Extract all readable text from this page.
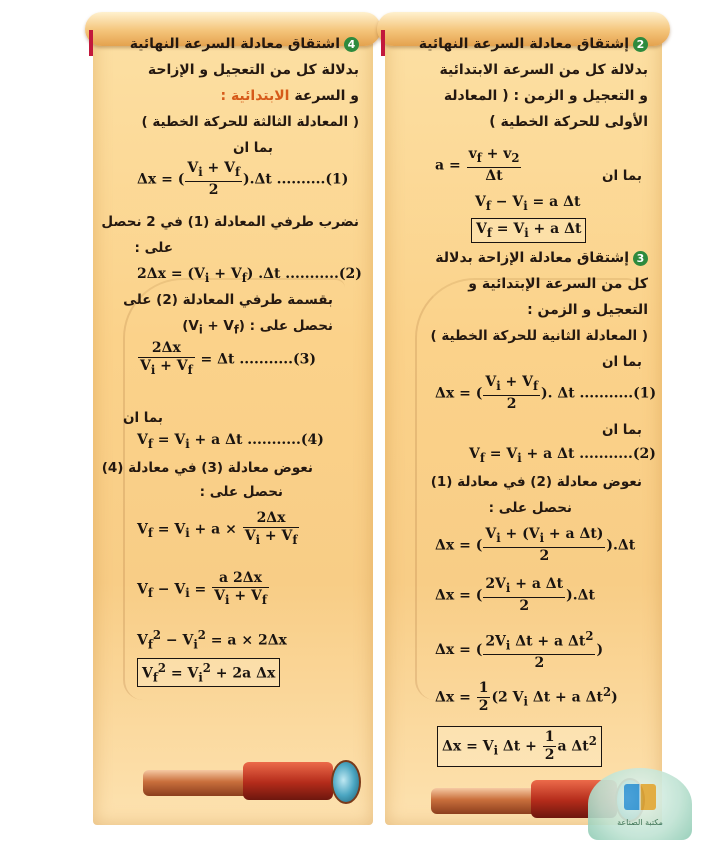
4اشتقاق معادلة السرعة النهائية
بدلالة كل من التعجيل و الإزاحة
و السرعة الابتدائية :
( المعادلة الثالثة للحركة الخطية )
بما ان
Δx = ( $\frac{V_i + V_f}{2} ).\Delta t$ ..........(1)
نضرب طرفي المعادلة (1) في 2 نحصل
على :
$2\Delta x = (V_i + V_f)$ .Δt ...........(2)
بقسمة طرفي المعادلة (2) على
نحصل على : $(V_i + V_f)$
$\frac{2\Delta x}{V_i + V_f} = \Delta t$ ...........(3)
بما ان
$V_f = V_i + a$ Δt ...........(4)
نعوض معادلة (3) في معادلة (4)
نحصل على :
$V_f = V_i + a \times \frac{2\Delta x}{V_i + V_f}$
$V_f - V_i = \frac{a 2\Delta x}{V_i + V_f}$
$V_f^2 - V_i^2 = a \times 2\Delta x$
$V_f^2 = V_i^2 + 2a$ Δx
2إشتقاق معادلة السرعة النهائية
بدلالة كل من السرعة الابتدائية
و التعجيل و الزمن : ( المعادلة
الأولى للحركة الخطية )
بما ان
$a = \frac{v_f + v_2}{\Delta t}$
$V_f - V_i = a$ Δt
$V_f = V_i + a$ Δt
3إشتقاق معادلة الإزاحة بدلالة
كل من السرعة الإبتدائية و
التعجيل و الزمن :
( المعادلة الثانية للحركة الخطية )
بما ان
Δx = ( $\frac{V_i + V_f}{2}$ ). Δt ...........(1)
بما ان
$V_f = V_i + a$ Δt ...........(2)
نعوض معادلة (2) في معادلة (1)
نحصل على :
Δx = ( $\frac{V_i + (V_i + a \Delta t)}{2} ).\Delta t$
Δx = ( $\frac{2V_i + a \Delta t}{2} ).\Delta t$
Δx = ( $\frac{2V_i \Delta t + a \Delta t^2}{2}$ )
$\Delta x = \frac{1}{2} (2$ $V_i$ Δt + a $\Delta t^2$)
$\Delta x = V_i$ $\Delta t + \frac{1}{2}$ a $\Delta t^2$
مكتبة الصناعة
